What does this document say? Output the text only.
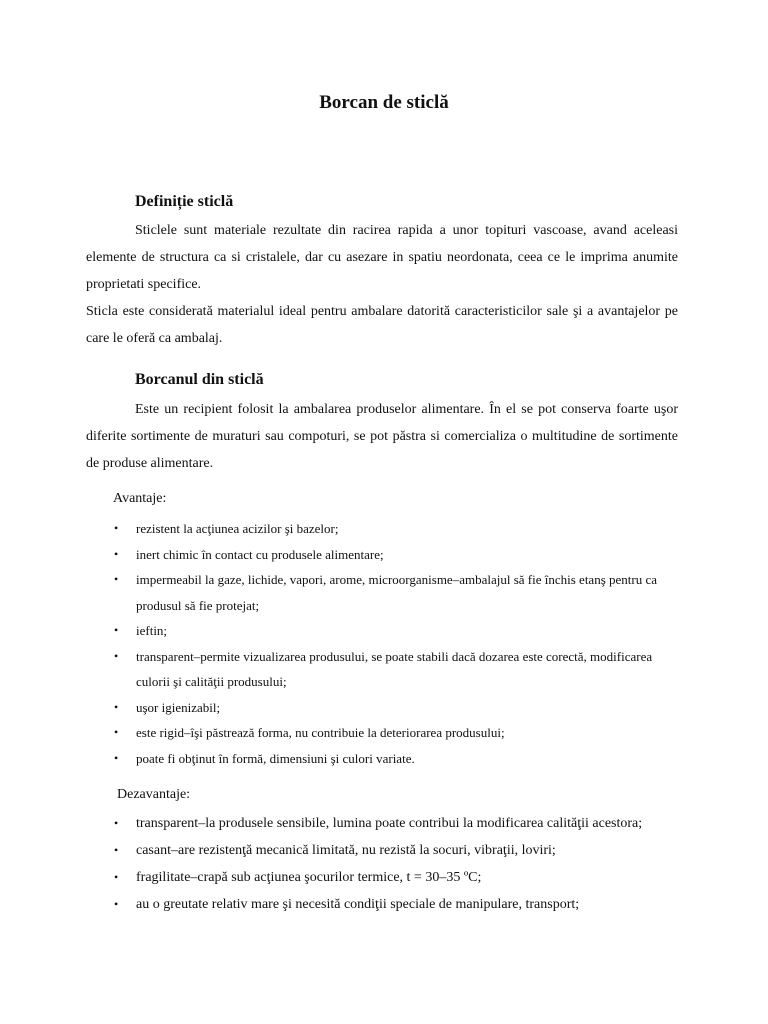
Borcan de sticlă
Definiție sticlă
Sticlele sunt materiale rezultate din racirea rapida a unor topituri vascoase, avand aceleasi elemente de structura ca si cristalele, dar cu asezare in spatiu neordonata, ceea ce le imprima anumite proprietati specifice.
Sticla este considerată materialul ideal pentru ambalare datorită caracteristicilor sale şi a avantajelor pe care le oferă ca ambalaj.
Borcanul din sticlă
Este un recipient folosit la ambalarea produselor alimentare. În el se pot conserva foarte uşor diferite sortimente de muraturi sau compoturi, se pot păstra si comercializa o multitudine de sortimente de produse alimentare.
Avantaje:
• rezistent la acţiunea acizilor şi bazelor;
• inert chimic în contact cu produsele alimentare;
• impermeabil la gaze, lichide, vapori, arome, microorganisme–ambalajul să fie închis etanş pentru ca produsul să fie protejat;
• ieftin;
• transparent–permite vizualizarea produsului, se poate stabili dacă dozarea este corectă, modificarea culorii şi calităţii produsului;
• uşor igienizabil;
• este rigid–îşi păstrează forma, nu contribuie la deteriorarea produsului;
• poate fi obţinut în formă, dimensiuni şi culori variate.
Dezavantaje:
• transparent–la produsele sensibile, lumina poate contribui la modificarea calităţii acestora;
• casant–are rezistenţă mecanică limitată, nu rezistă la socuri, vibraţii, loviri;
• fragilitate–crapă sub acţiunea şocurilor termice, t = 30–35 ºC;
• au o greutate relativ mare şi necesită condiţii speciale de manipulare, transport;
